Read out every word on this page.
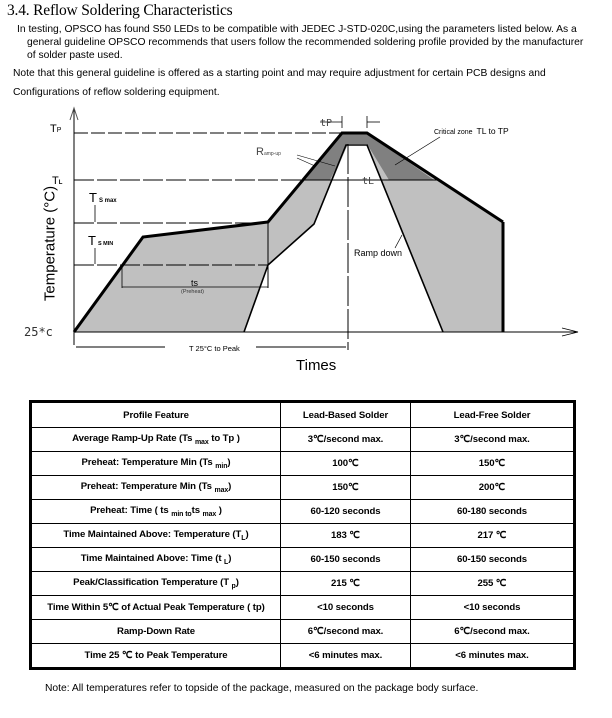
3.4. Reflow Soldering Characteristics
In testing, OPSCO has found S50 LEDs to be compatible with JEDEC J-STD-020C,using the parameters listed below. As a

general guideline OPSCO recommends that users follow the recommended soldering profile provided by the manufacturer
of solder paste used.
Note that this general guideline is offered as a starting point and may require adjustment for certain PCB designs and
Configurations of reflow soldering equipment.
TP
TL
T S max
T S MIN
25*c
Ramp-up
Ramp down
Critical zone TL to TP
ts
(Preheat)
tP
tL
T 25°C to Peak
Temperature (°C)
Times
Profile Feature	Lead-Based Solder	Lead-Free Solder
Average Ramp-Up Rate (Ts $_{max}$ to Tp )	3℃/second max.	3℃/second max.
Preheat: Temperature Min (Ts $_{min}$)	100℃	150℃
Preheat: Temperature Min (Ts $_{max}$)	150℃	200℃
Preheat: Time ( ts $_{min to}$ts $_{max}$ )	60-120 seconds	60-180 seconds
Time Maintained Above: Temperature $(T_L)$	183 ℃	217 ℃
Time Maintained Above: Time (t $_L$)	60-150 seconds	60-150 seconds
Peak/Classification Temperature (T $_p$)	215 ℃	255 ℃
Time Within 5℃ of Actual Peak Temperature ( tp)	<10 seconds	<10 seconds
Ramp-Down Rate	6℃/second max.	6℃/second max.
Time 25 ℃ to Peak Temperature	<6 minutes max.	<6 minutes max.
Note: All temperatures refer to topside of the package, measured on the package body surface.
